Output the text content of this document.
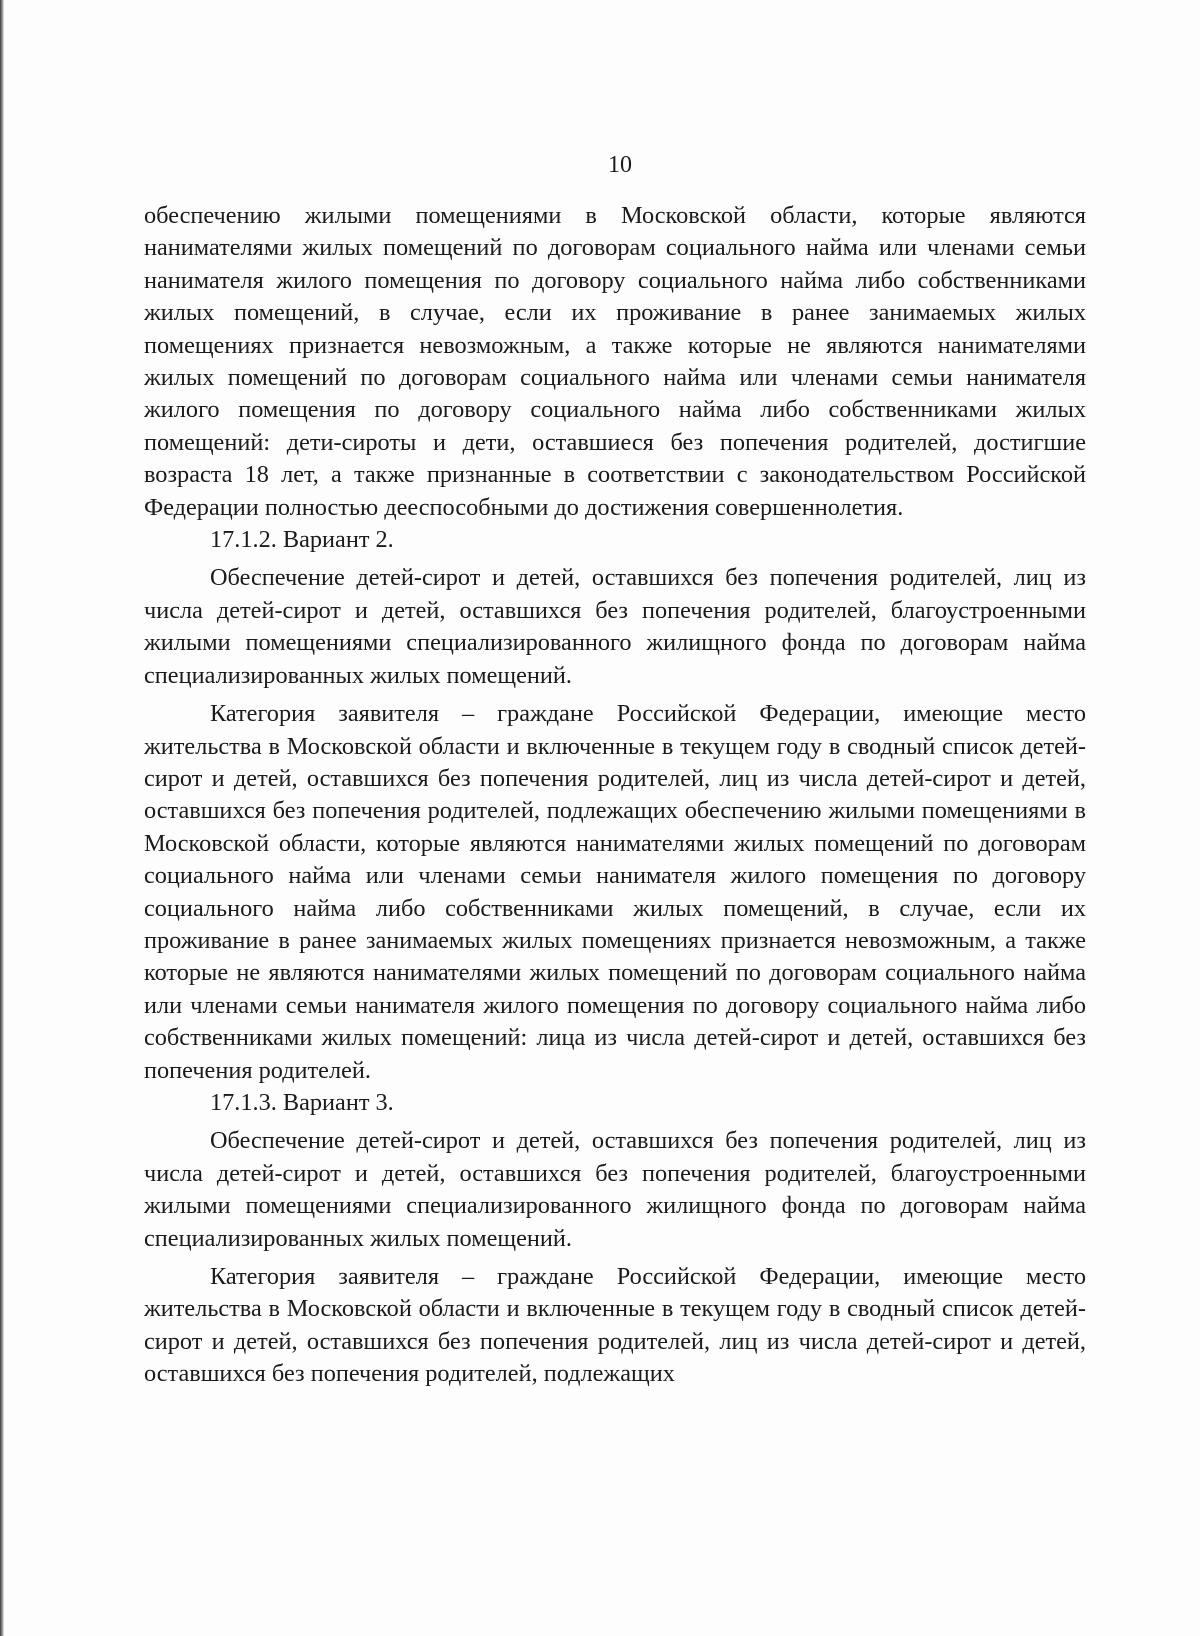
10

обеспечению жилыми помещениями в Московской области, которые являются нанимателями жилых помещений по договорам социального найма или членами семьи нанимателя жилого помещения по договору социального найма либо собственниками жилых помещений, в случае, если их проживание в ранее занимаемых жилых помещениях признается невозможным, а также которые не являются нанимателями жилых помещений по договорам социального найма или членами семьи нанимателя жилого помещения по договору социального найма либо собственниками жилых помещений: дети-сироты и дети, оставшиеся без попечения родителей, достигшие возраста 18 лет, а также признанные в соответствии с законодательством Российской Федерации полностью дееспособными до достижения совершеннолетия.

17.1.2. Вариант 2.

Обеспечение детей-сирот и детей, оставшихся без попечения родителей, лиц из числа детей-сирот и детей, оставшихся без попечения родителей, благоустроенными жилыми помещениями специализированного жилищного фонда по договорам найма специализированных жилых помещений.

Категория заявителя – граждане Российской Федерации, имеющие место жительства в Московской области и включенные в текущем году в сводный список детей-сирот и детей, оставшихся без попечения родителей, лиц из числа детей-сирот и детей, оставшихся без попечения родителей, подлежащих обеспечению жилыми помещениями в Московской области, которые являются нанимателями жилых помещений по договорам социального найма или членами семьи нанимателя жилого помещения по договору социального найма либо собственниками жилых помещений, в случае, если их проживание в ранее занимаемых жилых помещениях признается невозможным, а также которые не являются нанимателями жилых помещений по договорам социального найма или членами семьи нанимателя жилого помещения по договору социального найма либо собственниками жилых помещений: лица из числа детей-сирот и детей, оставшихся без попечения родителей.

17.1.3. Вариант 3.

Обеспечение детей-сирот и детей, оставшихся без попечения родителей, лиц из числа детей-сирот и детей, оставшихся без попечения родителей, благоустроенными жилыми помещениями специализированного жилищного фонда по договорам найма специализированных жилых помещений.

Категория заявителя – граждане Российской Федерации, имеющие место жительства в Московской области и включенные в текущем году в сводный список детей-сирот и детей, оставшихся без попечения родителей, лиц из числа детей-сирот и детей, оставшихся без попечения родителей, подлежащих
